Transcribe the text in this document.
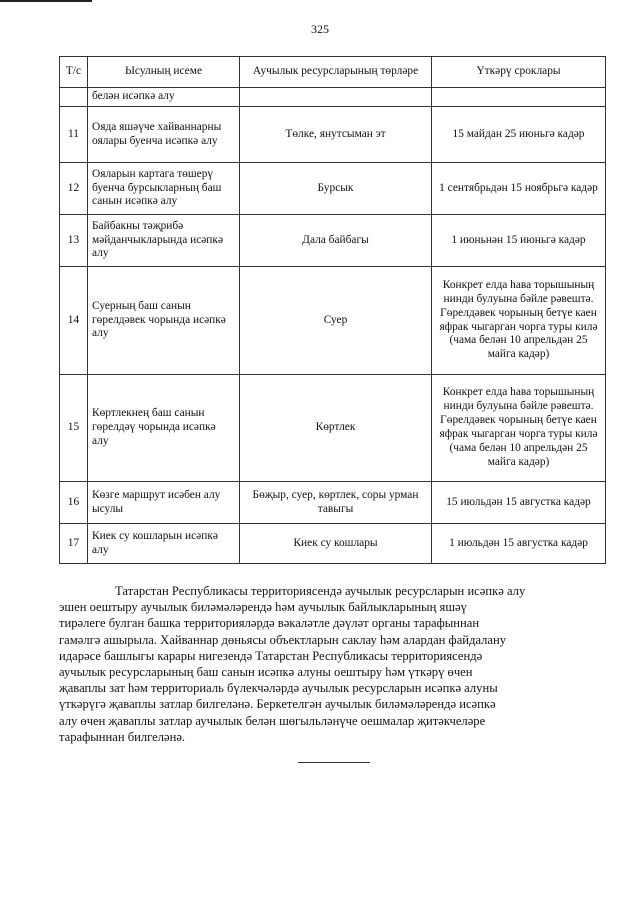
325
Т/с	Ысулның исеме	Аучылык ресурсларының төрләре	Үткәрү сроклары
	белән исәпкә алу		
11	Ояда яшәүче хайваннарны оялары буенча исәпкә алу	Төлке, янутсыман эт	15 майдан 25 июньгә кадәр
12	Ояларын картага төшерү буенча бурсыкларның баш санын исәпкә алу	Бурсык	1 сентябрьдән 15 ноябрьгә кадәр
13	Байбакны тәҗрибә мәйданчыкларында исәпкә алу	Дала байбагы	1 июньнән 15 июньгә кадәр
14	Суерның баш санын гөрелдәвек чорында исәпкә алу	Суер	Конкрет елда һава торышының нинди булуына бәйле рәвештә. Гөрелдәвек чорының бетүе каен яфрак чыгарган чорга туры килә (чама белән 10 апрельдән 25 майга кадәр)
15	Көртлекнең баш санын гөрелдәү чорында исәпкә алу	Көртлек	Конкрет елда һава торышының нинди булуына бәйле рәвештә. Гөрелдәвек чорының бетүе каен яфрак чыгарган чорга туры килә (чама белән 10 апрельдән 25 майга кадәр)
16	Көзге маршрут исәбен алу ысулы	Бөҗыр, суер, көртлек, соры урман тавыгы	15 июльдән 15 августка кадәр
17	Киек су кошларын исәпкә алу	Киек су кошлары	1 июльдән 15 августка кадәр

Татарстан Республикасы территориясендә аучылык ресурсларын исәпкә алу
эшен оештыру аучылык биләмәләрендә һәм аучылык байлыкларының яшәү
тирәлеге булган башка территорияләрдә вәкаләтле дәүләт органы тарафыннан
гамәлгә ашырыла. Хайваннар дөньясы объектларын саклау һәм алардан файдалану
идарәсе башлыгы карары нигезендә Татарстан Республикасы территориясендә
аучылык ресурсларының баш санын исәпкә алуны оештыру һәм үткәрү өчен
җаваплы зат һәм территориаль бүлекчәләрдә аучылык ресурсларын исәпкә алуны
үткәрүгә җаваплы затлар билгеләнә. Беркетелгән аучылык биләмәләрендә исәпкә
алу өчен җаваплы затлар аучылык белән шөгыльләнүче оешмалар җитәкчеләре
тарафыннан билгеләнә.
